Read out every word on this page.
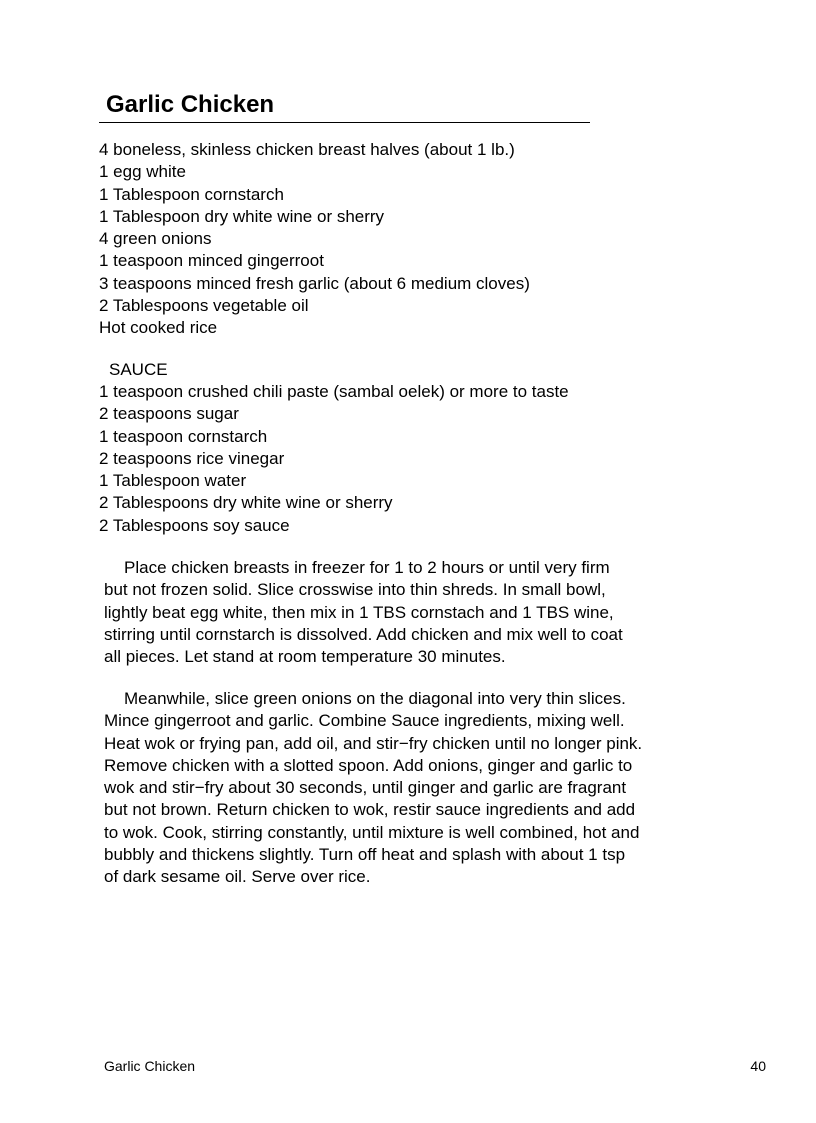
Garlic Chicken
4 boneless, skinless chicken breast halves (about 1 lb.)
1 egg white
1 Tablespoon cornstarch
1 Tablespoon dry white wine or sherry
4 green onions
1 teaspoon minced gingerroot
3 teaspoons minced fresh garlic (about 6 medium cloves)
2 Tablespoons vegetable oil
Hot cooked rice

SAUCE

1 teaspoon crushed chili paste (sambal oelek) or more to taste
2 teaspoons sugar
1 teaspoon cornstarch
2 teaspoons rice vinegar
1 Tablespoon water
2 Tablespoons dry white wine or sherry
2 Tablespoons soy sauce

Place chicken breasts in freezer for 1 to 2 hours or until very firm
but not frozen solid. Slice crosswise into thin shreds. In small bowl,
lightly beat egg white, then mix in 1 TBS cornstach and 1 TBS wine,
stirring until cornstarch is dissolved. Add chicken and mix well to coat
all pieces. Let stand at room temperature 30 minutes.

Meanwhile, slice green onions on the diagonal into very thin slices.
Mince gingerroot and garlic. Combine Sauce ingredients, mixing well.
Heat wok or frying pan, add oil, and stir−fry chicken until no longer pink.
Remove chicken with a slotted spoon. Add onions, ginger and garlic to
wok and stir−fry about 30 seconds, until ginger and garlic are fragrant
but not brown. Return chicken to wok, restir sauce ingredients and add
to wok. Cook, stirring constantly, until mixture is well combined, hot and
bubbly and thickens slightly. Turn off heat and splash with about 1 tsp
of dark sesame oil. Serve over rice.

Garlic Chicken	40
